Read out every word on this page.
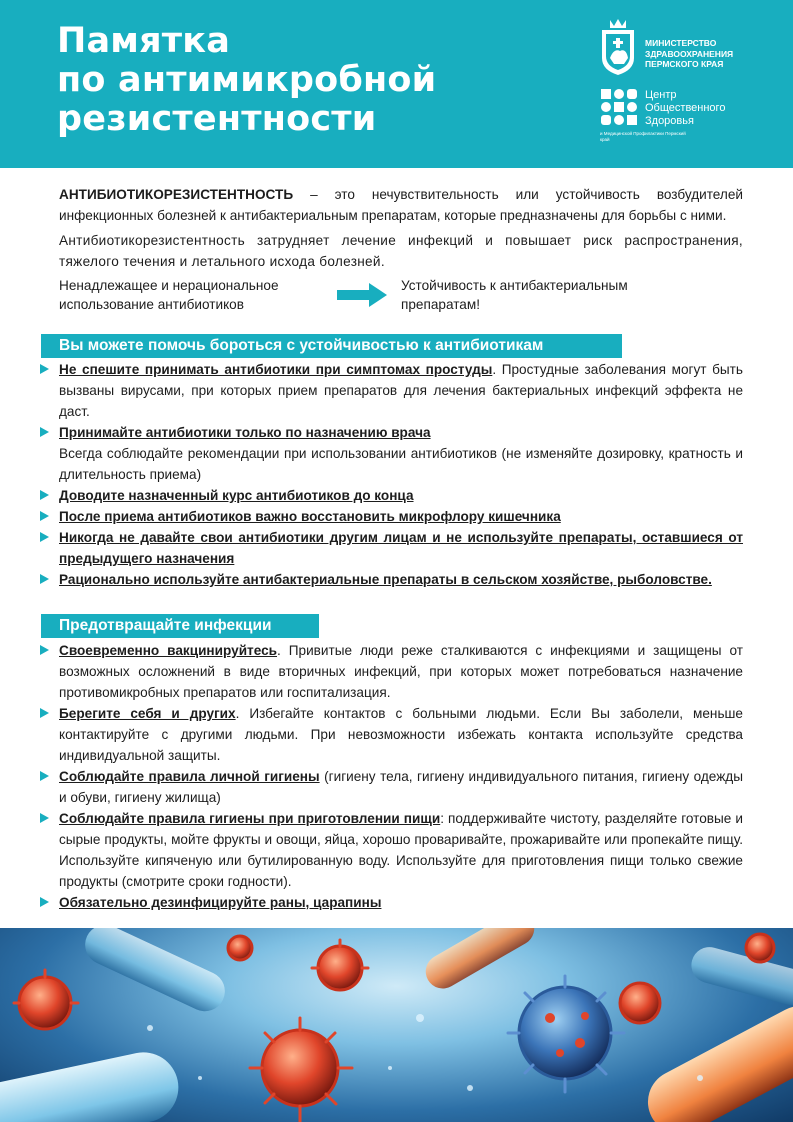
Памятка
по антимикробной
резистентности
МИНИСТЕРСТВО
ЗДРАВООХРАНЕНИЯ
ПЕРМСКОГО КРАЯ
Центр
Общественного
Здоровья
и Медицинской Профилактики Пермский край

АНТИБИОТИКОРЕЗИСТЕНТНОСТЬ – это нечувствительность или устойчивость возбудителей инфекционных болезней к антибактериальным препаратам, которые предназначены для борьбы с ними.

Антибиотикорезистентность затрудняет лечение инфекций и повышает риск распространения, тяжелого течения и летального исхода болезней.

Ненадлежащее и нерациональное использование антибиотиков
Устойчивость к антибактериальным препаратам!
Вы можете помочь бороться с устойчивостью к антибиотикам
Не спешите принимать антибиотики при симптомах простуды. Простудные заболевания могут быть вызваны вирусами, при которых прием препаратов для лечения бактериальных инфекций эффекта не даст.
Принимайте антибиотики только по назначению врача
Всегда соблюдайте рекомендации при использовании антибиотиков (не изменяйте дозировку, кратность и длительность приема)
Доводите назначенный курс антибиотиков до конца
После приема антибиотиков важно восстановить микрофлору кишечника
Никогда не давайте свои антибиотики другим лицам и не используйте препараты, оставшиеся от предыдущего назначения
Рационально используйте антибактериальные препараты в сельском хозяйстве, рыболовстве.
Предотвращайте инфекции
Своевременно вакцинируйтесь. Привитые люди реже сталкиваются с инфекциями и защищены от возможных осложнений в виде вторичных инфекций, при которых может потребоваться назначение противомикробных препаратов или госпитализация.
Берегите себя и других. Избегайте контактов с больными людьми. Если Вы заболели, меньше контактируйте с другими людьми. При невозможности избежать контакта используйте средства индивидуальной защиты.
Соблюдайте правила личной гигиены (гигиену тела, гигиену индивидуального питания, гигиену одежды и обуви, гигиену жилища)
Соблюдайте правила гигиены при приготовлении пищи: поддерживайте чистоту, разделяйте готовые и сырые продукты, мойте фрукты и овощи, яйца, хорошо проваривайте, прожаривайте или пропекайте пищу. Используйте кипяченую или бутилированную воду. Используйте для приготовления пищи только свежие продукты (смотрите сроки годности).
Обязательно дезинфицируйте раны, царапины
